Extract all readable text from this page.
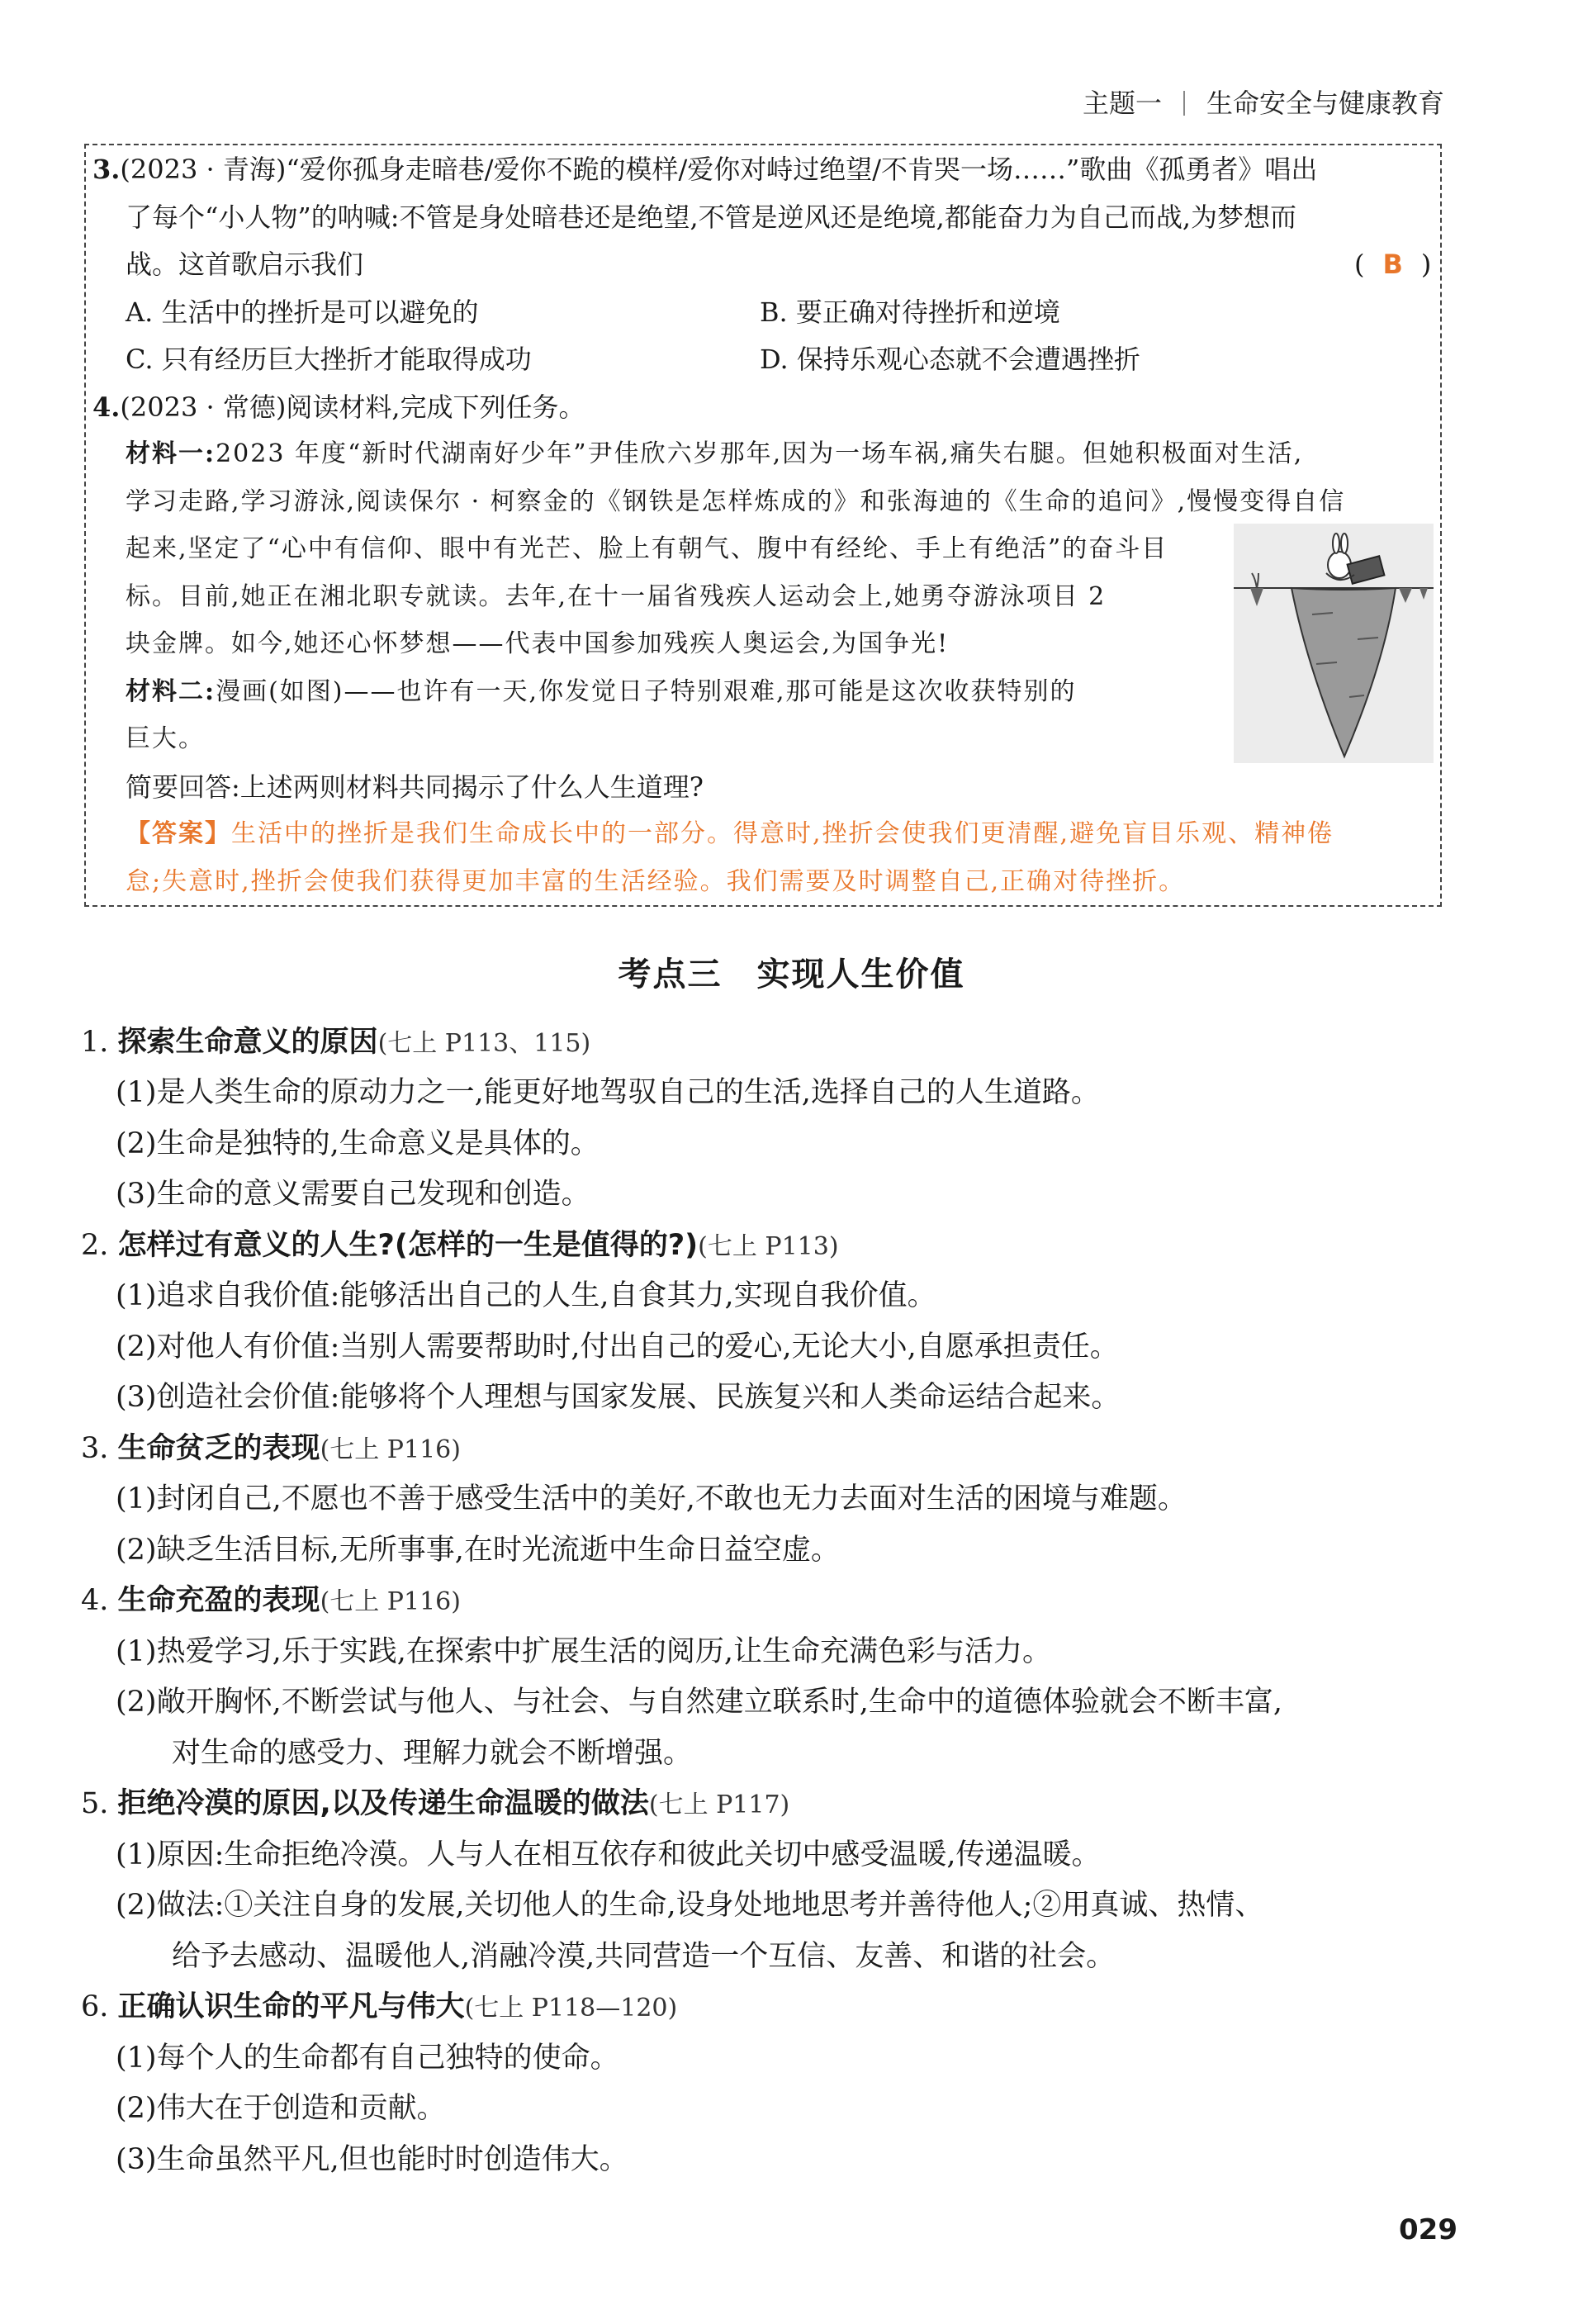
主题一 生命安全与健康教育
3.(2023 · 青海)“爱你孤身走暗巷/爱你不跪的模样/爱你对峙过绝望/不肯哭一场……”歌曲《孤勇者》唱出
了每个“小人物”的呐喊:不管是身处暗巷还是绝望,不管是逆风还是绝境,都能奋力为自己而战,为梦想而
战。这首歌启示我们	( B )
A. 生活中的挫折是可以避免的	B. 要正确对待挫折和逆境
C. 只有经历巨大挫折才能取得成功	D. 保持乐观心态就不会遭遇挫折
4.(2023 · 常德)阅读材料,完成下列任务。
材料一:2023 年度“新时代湖南好少年”尹佳欣六岁那年,因为一场车祸,痛失右腿。但她积极面对生活,
学习走路,学习游泳,阅读保尔 · 柯察金的《钢铁是怎样炼成的》和张海迪的《生命的追问》,慢慢变得自信
起来,坚定了“心中有信仰、眼中有光芒、脸上有朝气、腹中有经纶、手上有绝活”的奋斗目
标。目前,她正在湘北职专就读。去年,在十一届省残疾人运动会上,她勇夺游泳项目 2
块金牌。如今,她还心怀梦想——代表中国参加残疾人奥运会,为国争光!
材料二:漫画(如图)——也许有一天,你发觉日子特别艰难,那可能是这次收获特别的
巨大。
简要回答:上述两则材料共同揭示了什么人生道理?
【答案】生活中的挫折是我们生命成长中的一部分。得意时,挫折会使我们更清醒,避免盲目乐观、精神倦
怠;失意时,挫折会使我们获得更加丰富的生活经验。我们需要及时调整自己,正确对待挫折。
考点三　实现人生价值
1. 探索生命意义的原因(七上 P113、115)
(1)是人类生命的原动力之一,能更好地驾驭自己的生活,选择自己的人生道路。
(2)生命是独特的,生命意义是具体的。
(3)生命的意义需要自己发现和创造。
2. 怎样过有意义的人生?(怎样的一生是值得的?)(七上 P113)
(1)追求自我价值:能够活出自己的人生,自食其力,实现自我价值。
(2)对他人有价值:当别人需要帮助时,付出自己的爱心,无论大小,自愿承担责任。
(3)创造社会价值:能够将个人理想与国家发展、民族复兴和人类命运结合起来。
3. 生命贫乏的表现(七上 P116)
(1)封闭自己,不愿也不善于感受生活中的美好,不敢也无力去面对生活的困境与难题。
(2)缺乏生活目标,无所事事,在时光流逝中生命日益空虚。
4. 生命充盈的表现(七上 P116)
(1)热爱学习,乐于实践,在探索中扩展生活的阅历,让生命充满色彩与活力。
(2)敞开胸怀,不断尝试与他人、与社会、与自然建立联系时,生命中的道德体验就会不断丰富,
对生命的感受力、理解力就会不断增强。
5. 拒绝冷漠的原因,以及传递生命温暖的做法(七上 P117)
(1)原因:生命拒绝冷漠。人与人在相互依存和彼此关切中感受温暖,传递温暖。
(2)做法:①关注自身的发展,关切他人的生命,设身处地地思考并善待他人;②用真诚、热情、
给予去感动、温暖他人,消融冷漠,共同营造一个互信、友善、和谐的社会。
6. 正确认识生命的平凡与伟大(七上 P118—120)
(1)每个人的生命都有自己独特的使命。
(2)伟大在于创造和贡献。
(3)生命虽然平凡,但也能时时创造伟大。
029
